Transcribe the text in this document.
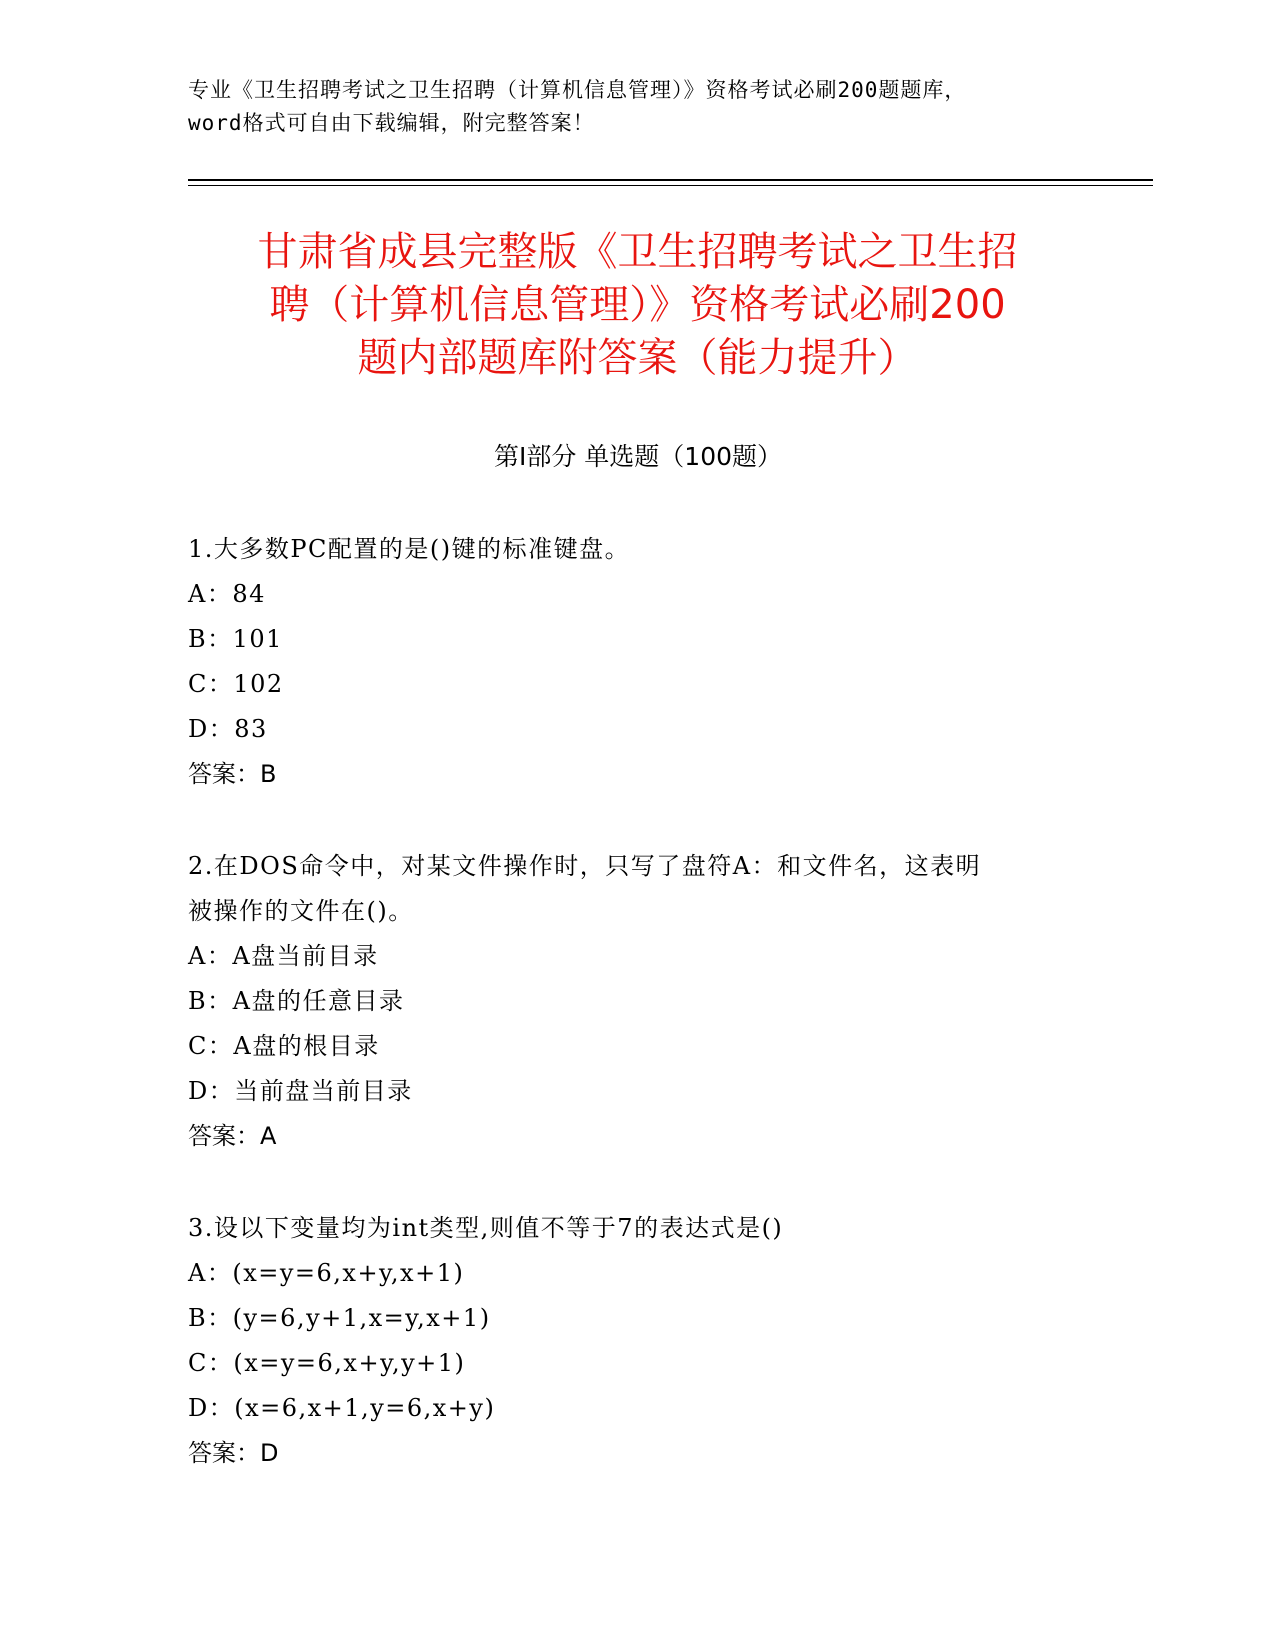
专业《卫生招聘考试之卫生招聘（计算机信息管理）》资格考试必刷200题题库，
word格式可自由下载编辑，附完整答案！
甘肃省成县完整版《卫生招聘考试之卫生招
聘（计算机信息管理）》资格考试必刷200
题内部题库附答案（能力提升）
第Ⅰ部分 单选题（100题）
1.大多数PC配置的是()键的标准键盘。
A：84
B：101
C：102
D：83
答案：B
2.在DOS命令中，对某文件操作时，只写了盘符A：和文件名，这表明
被操作的文件在()。
A：A盘当前目录
B：A盘的任意目录
C：A盘的根目录
D：当前盘当前目录
答案：A
3.设以下变量均为int类型,则值不等于7的表达式是()
A：(x=y=6,x+y,x+1)
B：(y=6,y+1,x=y,x+1)
C：(x=y=6,x+y,y+1)
D：(x=6,x+1,y=6,x+y)
答案：D
